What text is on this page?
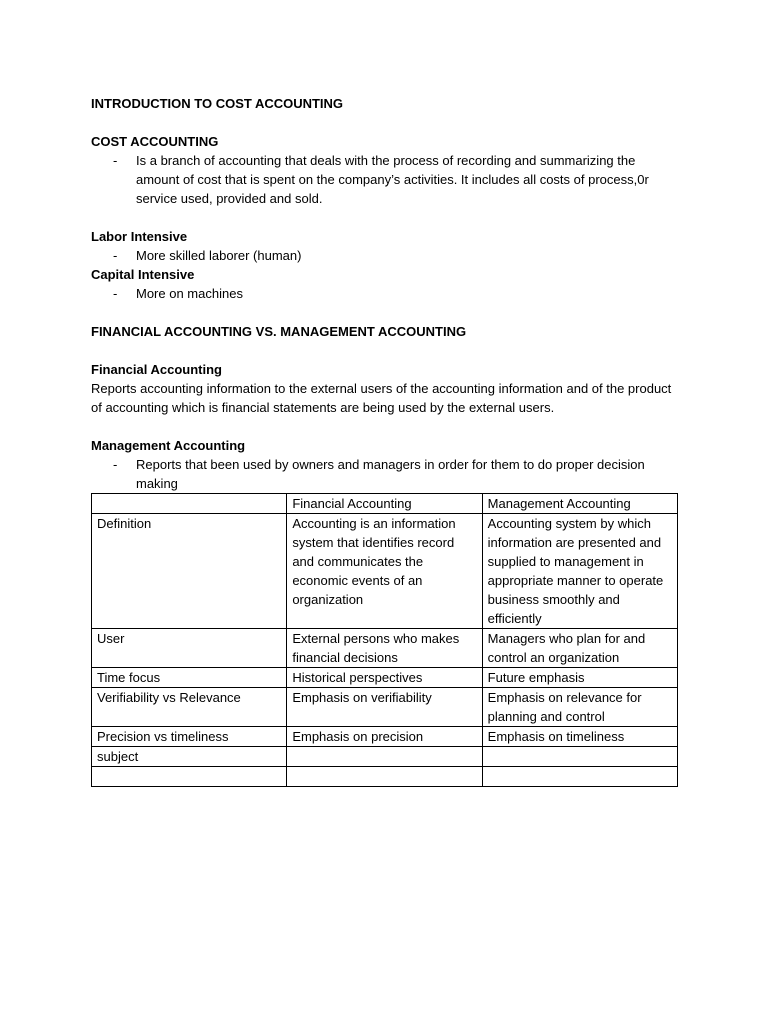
INTRODUCTION TO COST ACCOUNTING
COST ACCOUNTING
- Is a branch of accounting that deals with the process of recording and summarizing the amount of cost that is spent on the company’s activities. It includes all costs of process,0r service used, provided and sold.
Labor Intensive
- More skilled laborer (human)
Capital Intensive
- More on machines
FINANCIAL ACCOUNTING VS. MANAGEMENT ACCOUNTING
Financial Accounting

Reports accounting information to the external users of the accounting information and of the product of accounting which is financial statements are being used by the external users.

Management Accounting
- Reports that been used by owners and managers in order for them to do proper decision making
	Financial Accounting	Management Accounting
Definition	Accounting is an information system that identifies record and communicates the economic events of an organization	Accounting system by which information are presented and supplied to management in appropriate manner to operate business smoothly and efficiently
User	External persons who makes financial decisions	Managers who plan for and control an organization
Time focus	Historical perspectives	Future emphasis
Verifiability vs Relevance	Emphasis on verifiability	Emphasis on relevance for planning and control
Precision vs timeliness	Emphasis on precision	Emphasis on timeliness
subject		
